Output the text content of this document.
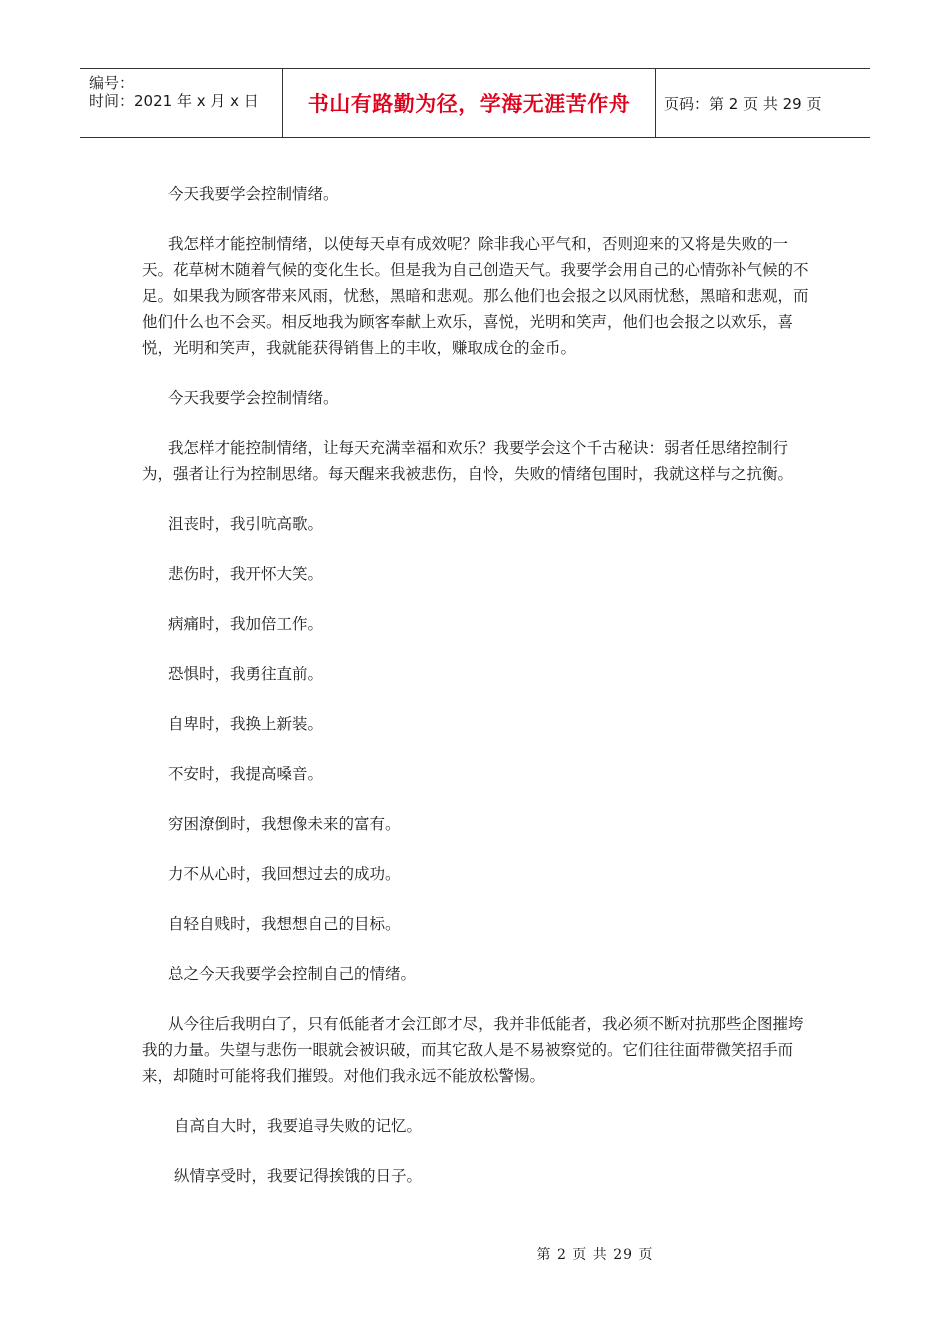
编号：
时间：2021 年 x 月 x 日 书山有路勤为径，学海无涯苦作舟	页码：第 2 页 共 29 页

今天我要学会控制情绪。

我怎样才能控制情绪，以使每天卓有成效呢？除非我心平气和，否则迎来的又将是失败的一天。花草树木随着气候的变化生长。但是我为自己创造天气。我要学会用自己的心情弥补气候的不足。如果我为顾客带来风雨，忧愁，黑暗和悲观。那么他们也会报之以风雨忧愁，黑暗和悲观，而他们什么也不会买。相反地我为顾客奉献上欢乐，喜悦，光明和笑声，他们也会报之以欢乐，喜悦，光明和笑声，我就能获得销售上的丰收，赚取成仓的金币。

今天我要学会控制情绪。

我怎样才能控制情绪，让每天充满幸福和欢乐？我要学会这个千古秘诀：弱者任思绪控制行为，强者让行为控制思绪。每天醒来我被悲伤，自怜，失败的情绪包围时，我就这样与之抗衡。

沮丧时，我引吭高歌。

悲伤时，我开怀大笑。

病痛时，我加倍工作。

恐惧时，我勇往直前。

自卑时，我换上新装。

不安时，我提高嗓音。

穷困潦倒时，我想像未来的富有。

力不从心时，我回想过去的成功。

自轻自贱时，我想想自己的目标。

总之今天我要学会控制自己的情绪。

从今往后我明白了，只有低能者才会江郎才尽，我并非低能者，我必须不断对抗那些企图摧垮我的力量。失望与悲伤一眼就会被识破，而其它敌人是不易被察觉的。它们往往面带微笑招手而来，却随时可能将我们摧毁。对他们我永远不能放松警惕。

自高自大时，我要追寻失败的记忆。

纵情享受时，我要记得挨饿的日子。

第 2 页 共 29 页
